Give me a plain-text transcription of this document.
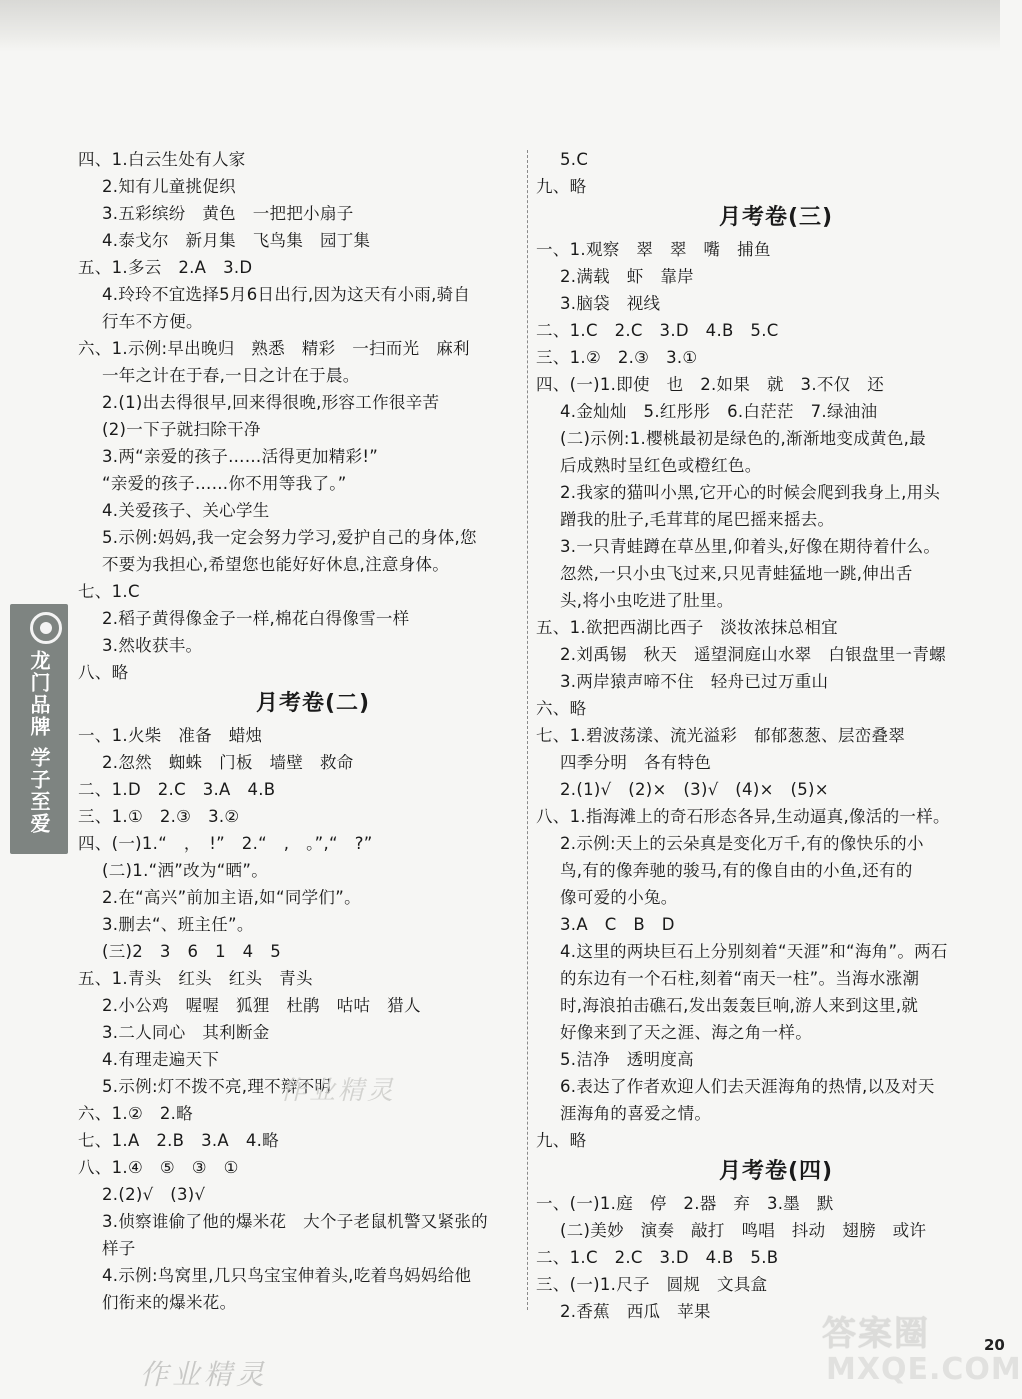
四、1.白云生处有人家
2.知有儿童挑促织
3.五彩缤纷　黄色　一把把小扇子
4.泰戈尔　新月集　飞鸟集　园丁集
五、1.多云　2.A　3.D
4.玲玲不宜选择5月6日出行,因为这天有小雨,骑自
行车不方便。
六、1.示例:早出晚归　熟悉　精彩　一扫而光　麻利
一年之计在于春,一日之计在于晨。
2.(1)出去得很早,回来得很晚,形容工作很辛苦
(2)一下子就扫除干净
3.两“亲爱的孩子……活得更加精彩!”
“亲爱的孩子……你不用等我了。”
4.关爱孩子、关心学生
5.示例:妈妈,我一定会努力学习,爱护自己的身体,您
不要为我担心,希望您也能好好休息,注意身体。
七、1.C
2.稻子黄得像金子一样,棉花白得像雪一样
3.然收获丰。
八、略
月考卷(二)
一、1.火柴　准备　蜡烛
2.忽然　蜘蛛　门板　墙壁　救命
二、1.D　2.C　3.A　4.B
三、1.①　2.③　3.②
四、(一)1.“　，　!”　2.“　,　。”,“　?”
(二)1.“洒”改为“晒”。
2.在“高兴”前加主语,如“同学们”。
3.删去“、班主任”。
(三)2　3　6　1　4　5
五、1.青头　红头　红头　青头
2.小公鸡　喔喔　狐狸　杜鹃　咕咕　猎人
3.二人同心　其利断金
4.有理走遍天下
5.示例:灯不拨不亮,理不辩不明
六、1.②　2.略
七、1.A　2.B　3.A　4.略
八、1.④　⑤　③　①
2.(2)√　(3)√
3.侦察谁偷了他的爆米花　大个子老鼠机警又紧张的
样子
4.示例:鸟窝里,几只鸟宝宝伸着头,吃着鸟妈妈给他
们衔来的爆米花。
5.C
九、略
月考卷(三)
一、1.观察　翠　翠　嘴　捕鱼
2.满载　虾　靠岸
3.脑袋　视线
二、1.C　2.C　3.D　4.B　5.C
三、1.②　2.③　3.①
四、(一)1.即使　也　2.如果　就　3.不仅　还
4.金灿灿　5.红彤彤　6.白茫茫　7.绿油油
(二)示例:1.樱桃最初是绿色的,渐渐地变成黄色,最
后成熟时呈红色或橙红色。
2.我家的猫叫小黑,它开心的时候会爬到我身上,用头
蹭我的肚子,毛茸茸的尾巴摇来摇去。
3.一只青蛙蹲在草丛里,仰着头,好像在期待着什么。
忽然,一只小虫飞过来,只见青蛙猛地一跳,伸出舌
头,将小虫吃进了肚里。
五、1.欲把西湖比西子　淡妆浓抹总相宜
2.刘禹锡　秋天　遥望洞庭山水翠　白银盘里一青螺
3.两岸猿声啼不住　轻舟已过万重山
六、略
七、1.碧波荡漾、流光溢彩　郁郁葱葱、层峦叠翠
四季分明　各有特色
2.(1)√　(2)×　(3)√　(4)×　(5)×
八、1.指海滩上的奇石形态各异,生动逼真,像活的一样。
2.示例:天上的云朵真是变化万千,有的像快乐的小
鸟,有的像奔驰的骏马,有的像自由的小鱼,还有的
像可爱的小兔。
3.A　C　B　D
4.这里的两块巨石上分别刻着“天涯”和“海角”。两石
的东边有一个石柱,刻着“南天一柱”。当海水涨潮
时,海浪拍击礁石,发出轰轰巨响,游人来到这里,就
好像来到了天之涯、海之角一样。
5.洁净　透明度高
6.表达了作者欢迎人们去天涯海角的热情,以及对天
涯海角的喜爱之情。
九、略
月考卷(四)
一、(一)1.庭　停　2.器　弃　3.墨　默
(二)美妙　演奏　敲打　鸣唱　抖动　翅膀　或许
二、1.C　2.C　3.D　4.B　5.B
三、(一)1.尺子　圆规　文具盒
2.香蕉　西瓜　苹果
龙门品牌 学子至爱
作业精灵
作业精灵
答案圈
MXQE.COM
20
